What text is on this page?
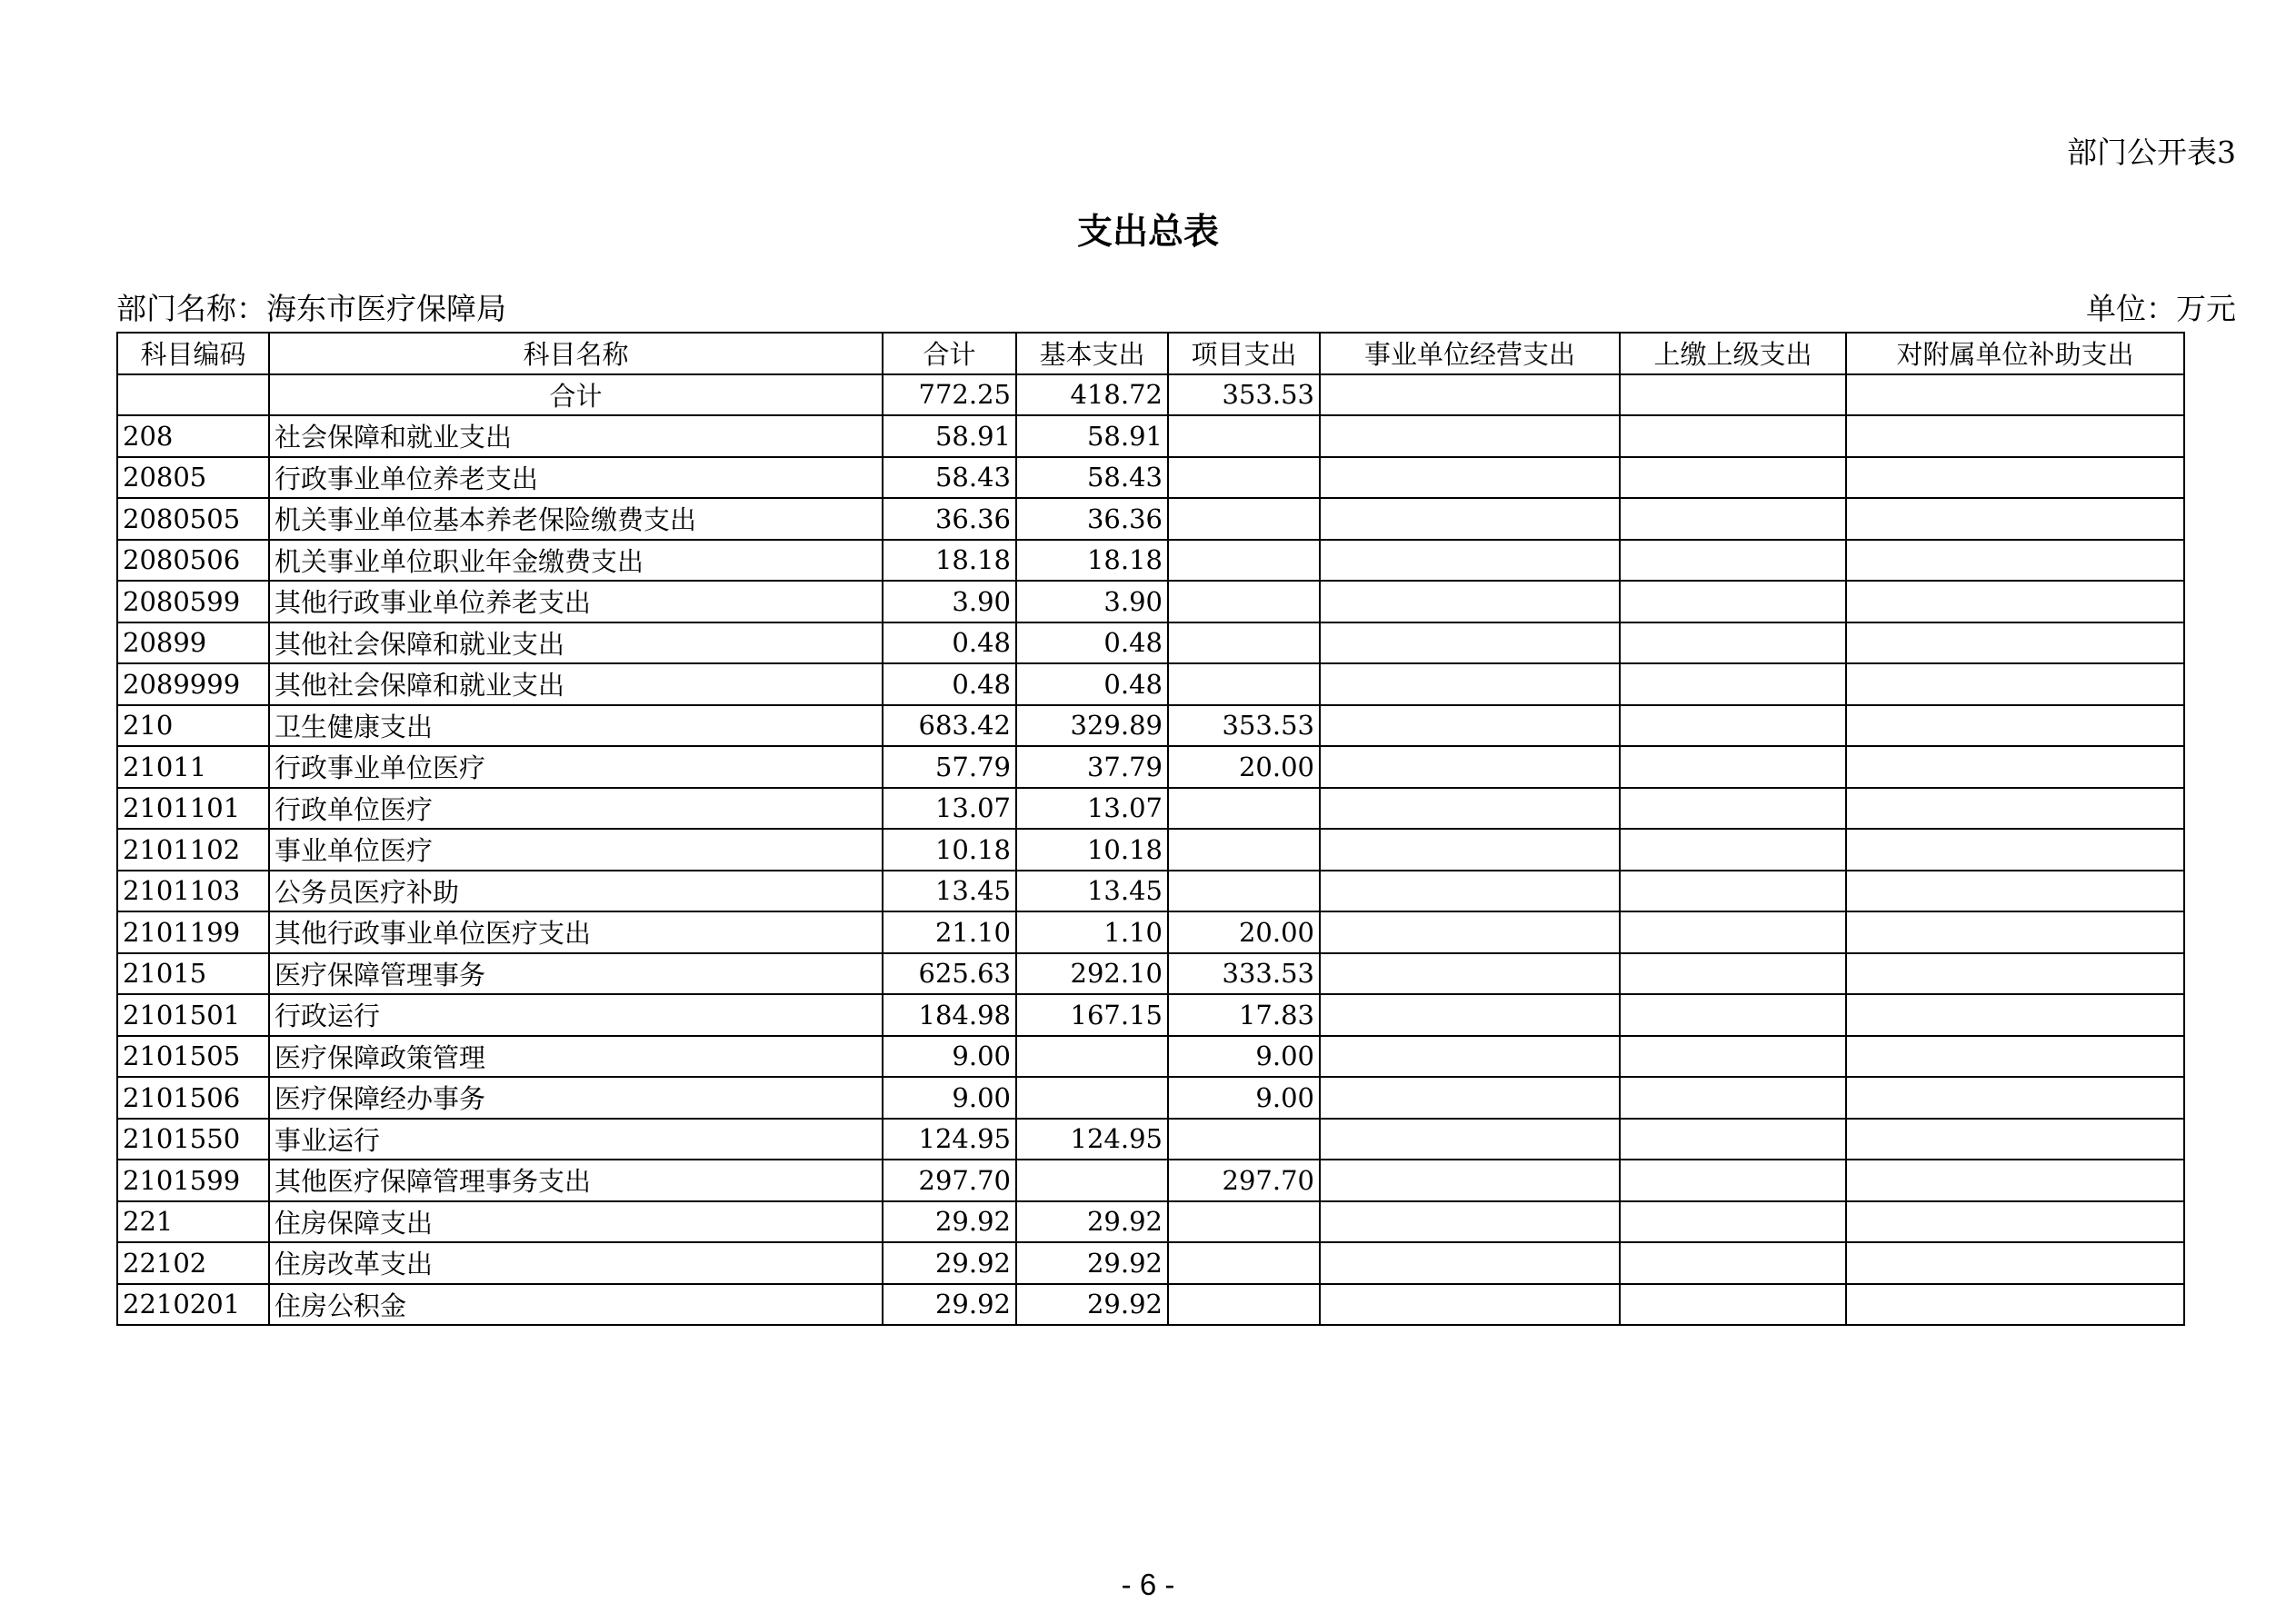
部门公开表3
支出总表
部门名称：海东市医疗保障局	单位：万元
科目编码	科目名称	合计	基本支出	项目支出	事业单位经营支出	上缴上级支出	对附属单位补助支出
	合计	772.25	418.72	353.53			
208	社会保障和就业支出	58.91	58.91				
20805	行政事业单位养老支出	58.43	58.43				
2080505	机关事业单位基本养老保险缴费支出	36.36	36.36				
2080506	机关事业单位职业年金缴费支出	18.18	18.18				
2080599	其他行政事业单位养老支出	3.90	3.90				
20899	其他社会保障和就业支出	0.48	0.48				
2089999	其他社会保障和就业支出	0.48	0.48				
210	卫生健康支出	683.42	329.89	353.53			
21011	行政事业单位医疗	57.79	37.79	20.00			
2101101	行政单位医疗	13.07	13.07				
2101102	事业单位医疗	10.18	10.18				
2101103	公务员医疗补助	13.45	13.45				
2101199	其他行政事业单位医疗支出	21.10	1.10	20.00			
21015	医疗保障管理事务	625.63	292.10	333.53			
2101501	行政运行	184.98	167.15	17.83			
2101505	医疗保障政策管理	9.00		9.00			
2101506	医疗保障经办事务	9.00		9.00			
2101550	事业运行	124.95	124.95				
2101599	其他医疗保障管理事务支出	297.70		297.70			
221	住房保障支出	29.92	29.92				
22102	住房改革支出	29.92	29.92				
2210201	住房公积金	29.92	29.92				
- 6 -
